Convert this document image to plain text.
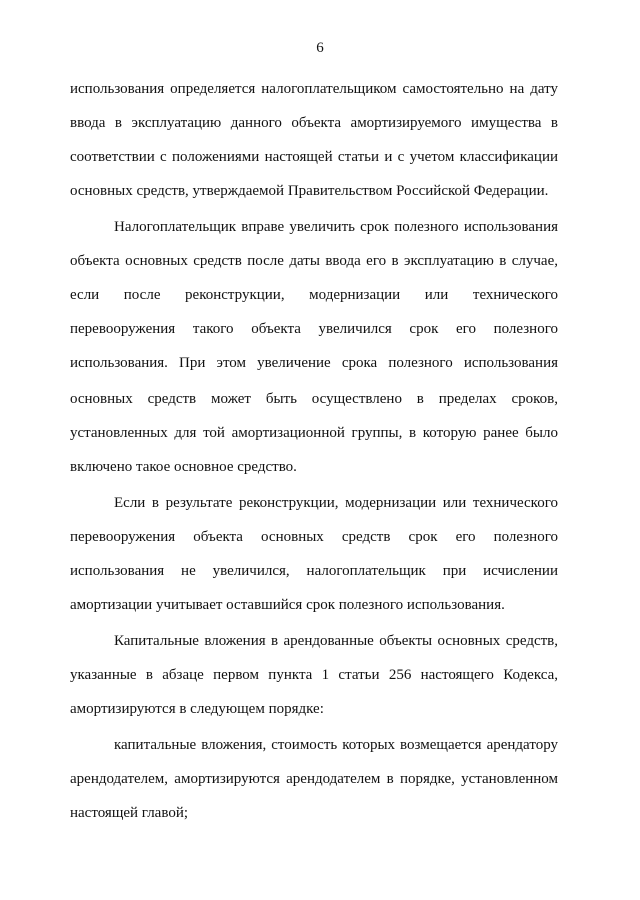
6
использования определяется налогоплательщиком самостоятельно на дату
ввода в эксплуатацию данного объекта амортизируемого имущества в
соответствии с положениями настоящей статьи и с учетом классификации
основных средств, утверждаемой Правительством Российской Федерации.
Налогоплательщик вправе увеличить срок полезного использования
объекта основных средств после даты ввода его в эксплуатацию в случае,
если после реконструкции, модернизации или технического
перевооружения такого объекта увеличился срок его полезного
использования. При этом увеличение срока полезного использования
основных средств может быть осуществлено в пределах сроков,
установленных для той амортизационной группы, в которую ранее было
включено такое основное средство.
Если в результате реконструкции, модернизации или технического
перевооружения объекта основных средств срок его полезного
использования не увеличился, налогоплательщик при исчислении
амортизации учитывает оставшийся срок полезного использования.
Капитальные вложения в арендованные объекты основных средств,
указанные в абзаце первом пункта 1 статьи 256 настоящего Кодекса,
амортизируются в следующем порядке:
капитальные вложения, стоимость которых возмещается арендатору
арендодателем, амортизируются арендодателем в порядке, установленном
настоящей главой;
